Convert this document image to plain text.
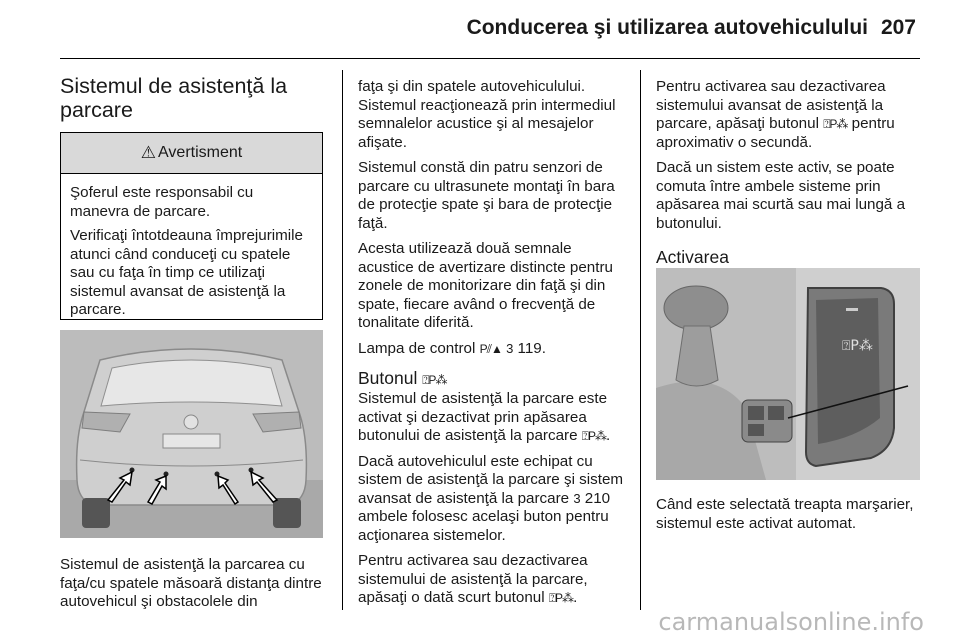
Conducerea şi utilizarea autovehiculului 207
Sistemul de asistenţă la
parcare
⚠ Avertisment

Şoferul este responsabil cu manevra de parcare.

Verificaţi întotdeauna împrejurimile atunci când conduceţi cu spatele sau cu faţa în timp ce utilizaţi sistemul avansat de asistenţă la parcare.

Sistemul de asistenţă la parcarea cu faţa/cu spatele măsoară distanţa dintre autovehicul şi obstacolele din

faţa şi din spatele autovehiculului. Sistemul reacţionează prin intermediul semnalelor acustice şi al mesajelor afişate.

Sistemul constă din patru senzori de parcare cu ultrasunete montaţi în bara de protecţie spate şi bara de protecţie faţă.

Acesta utilizează două semnale acustice de avertizare distincte pentru zonele de monitorizare din faţă şi din spate, fiecare având o frecvenţă de tonalitate diferită.

Lampa de control P⫽▲ 3 119.

Butonul ⍰P⁂

Sistemul de asistenţă la parcare este activat şi dezactivat prin apăsarea butonului de asistenţă la parcare ⍰P⁂.

Dacă autovehiculul este echipat cu sistem de asistenţă la parcare şi sistem avansat de asistenţă la parcare 3 210 ambele folosesc acelaşi buton pentru acţionarea sistemelor.

Pentru activarea sau dezactivarea sistemului de asistenţă la parcare, apăsaţi o dată scurt butonul ⍰P⁂.

Pentru activarea sau dezactivarea sistemului avansat de asistenţă la parcare, apăsaţi butonul ⍰P⁂ pentru aproximativ o secundă.

Dacă un sistem este activ, se poate comuta între ambele sisteme prin apăsarea mai scurtă sau mai lungă a butonului.

Activarea
⍰P⁂

Când este selectată treapta marşarier, sistemul este activat automat.

carmanualsonline.info
